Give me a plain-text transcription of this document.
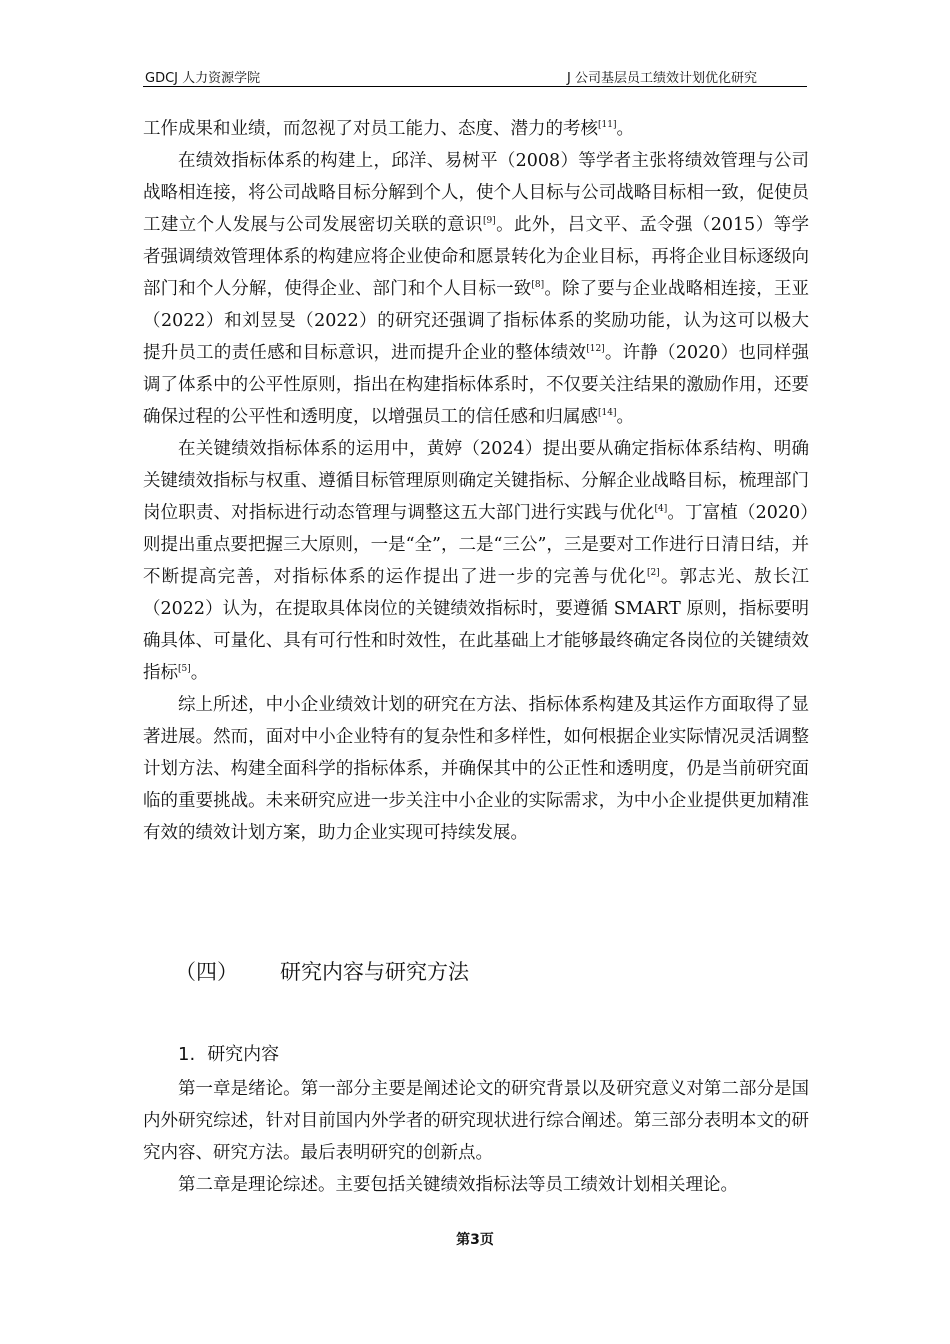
GDCJ 人力资源学院	J 公司基层员工绩效计划优化研究

工作成果和业绩，而忽视了对员工能力、态度、潜力的考核[11]。

在绩效指标体系的构建上，邱洋、易树平（2008）等学者主张将绩效管理与公司战略相连接，将公司战略目标分解到个人，使个人目标与公司战略目标相一致，促使员工建立个人发展与公司发展密切关联的意识[9]。此外，吕文平、孟令强（2015）等学者强调绩效管理体系的构建应将企业使命和愿景转化为企业目标，再将企业目标逐级向部门和个人分解，使得企业、部门和个人目标一致[8]。除了要与企业战略相连接，王亚（2022）和刘昱旻（2022）的研究还强调了指标体系的奖励功能，认为这可以极大提升员工的责任感和目标意识，进而提升企业的整体绩效[12]。许静（2020）也同样强调了体系中的公平性原则，指出在构建指标体系时，不仅要关注结果的激励作用，还要确保过程的公平性和透明度，以增强员工的信任感和归属感[14]。

在关键绩效指标体系的运用中，黄婷（2024）提出要从确定指标体系结构、明确关键绩效指标与权重、遵循目标管理原则确定关键指标、分解企业战略目标，梳理部门岗位职责、对指标进行动态管理与调整这五大部门进行实践与优化[4]。丁富植（2020）则提出重点要把握三大原则，一是“全”，二是“三公”，三是要对工作进行日清日结，并不断提高完善，对指标体系的运作提出了进一步的完善与优化[2]。郭志光、敖长江（2022）认为，在提取具体岗位的关键绩效指标时，要遵循 SMART 原则，指标要明确具体、可量化、具有可行性和时效性，在此基础上才能够最终确定各岗位的关键绩效指标[5]。

综上所述，中小企业绩效计划的研究在方法、指标体系构建及其运作方面取得了显著进展。然而，面对中小企业特有的复杂性和多样性，如何根据企业实际情况灵活调整计划方法、构建全面科学的指标体系，并确保其中的公正性和透明度，仍是当前研究面临的重要挑战。未来研究应进一步关注中小企业的实际需求，为中小企业提供更加精准有效的绩效计划方案，助力企业实现可持续发展。

（四） 研究内容与研究方法
1. 研究内容

第一章是绪论。第一部分主要是阐述论文的研究背景以及研究意义对第二部分是国内外研究综述，针对目前国内外学者的研究现状进行综合阐述。第三部分表明本文的研究内容、研究方法。最后表明研究的创新点。

第二章是理论综述。主要包括关键绩效指标法等员工绩效计划相关理论。

第3页
